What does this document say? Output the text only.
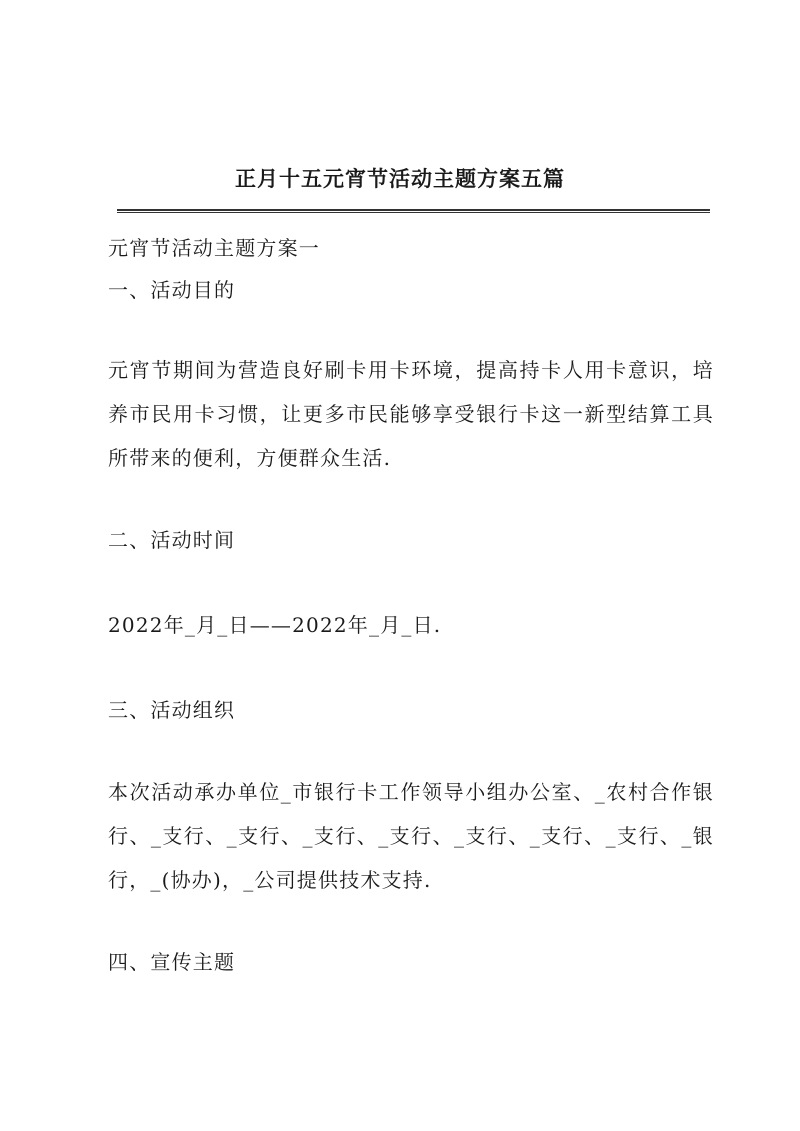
正月十五元宵节活动主题方案五篇
元宵节活动主题方案一
一、活动目的
元宵节期间为营造良好刷卡用卡环境，提高持卡人用卡意识，培养市民用卡习惯，让更多市民能够享受银行卡这一新型结算工具所带来的便利，方便群众生活.
二、活动时间
2022年_月_日——2022年_月_日.
三、活动组织
本次活动承办单位_市银行卡工作领导小组办公室、_农村合作银行、_支行、_支行、_支行、_支行、_支行、_支行、_支行、_银行，_(协办)，_公司提供技术支持.
四、宣传主题
